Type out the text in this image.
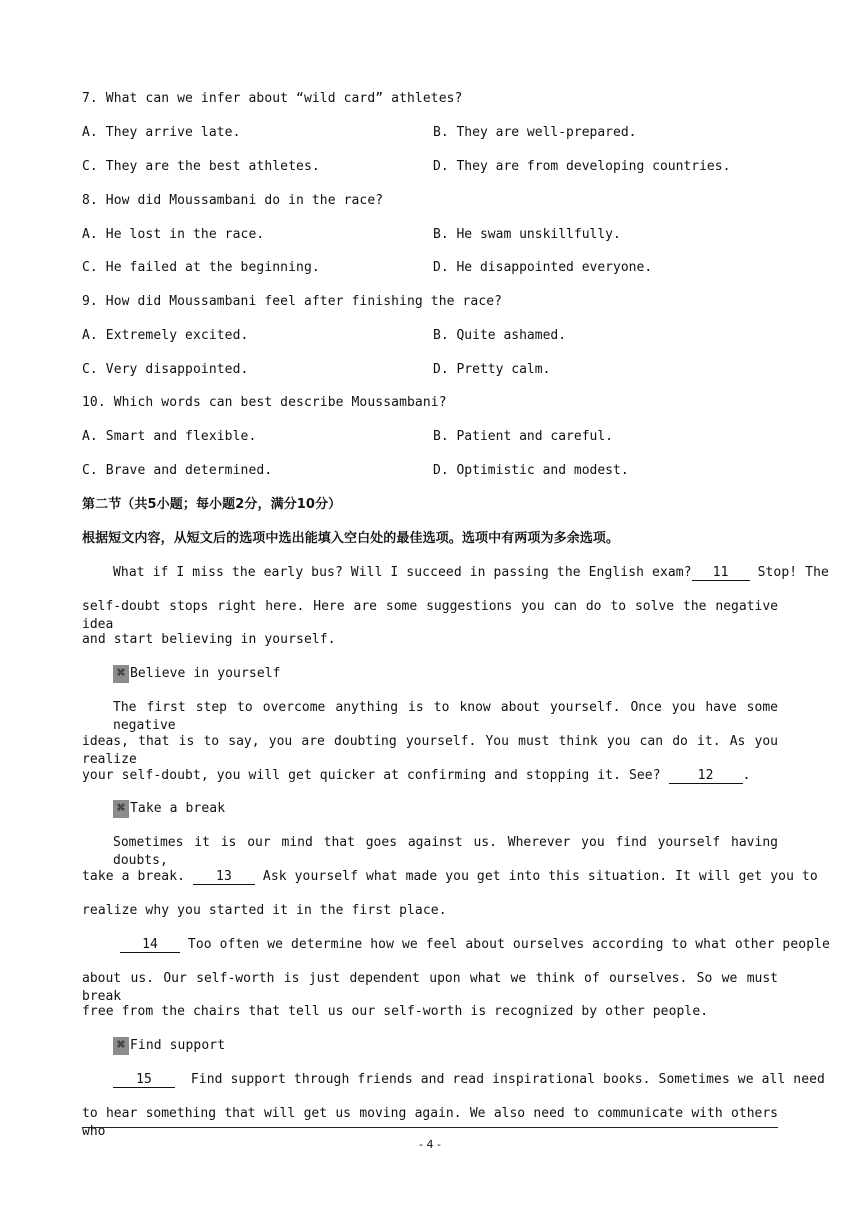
7. What can we infer about “wild card” athletes?
A. They arrive late.	B. They are well-prepared.
C. They are the best athletes.	D. They are from developing countries.
8. How did Moussambani do in the race?
A. He lost in the race.	B. He swam unskillfully.
C. He failed at the beginning.	D. He disappointed everyone.
9. How did Moussambani feel after finishing the race?
A. Extremely excited.	B. Quite ashamed.
C. Very disappointed.	D. Pretty calm.
10. Which words can best describe Moussambani?
A. Smart and flexible.	B. Patient and careful.
C. Brave and determined.	D. Optimistic and modest.
第二节（共5小题；每小题2分，满分10分）
根据短文内容，从短文后的选项中选出能填入空白处的最佳选项。选项中有两项为多余选项。
What if I miss the early bus? Will I succeed in passing the English exam? 11 Stop! The
self-doubt stops right here. Here are some suggestions you can do to solve the negative idea
and start believing in yourself.
⌘ Believe in yourself
The first step to overcome anything is to know about yourself. Once you have some negative
ideas, that is to say, you are doubting yourself. You must think you can do it. As you realize
your self-doubt, you will get quicker at confirming and stopping it. See? 12 .
⌘ Take a break
Sometimes it is our mind that goes against us. Wherever you find yourself having doubts,
take a break. 13 Ask yourself what made you get into this situation. It will get you to
realize why you started it in the first place.
14 Too often we determine how we feel about ourselves according to what other people
about us. Our self-worth is just dependent upon what we think of ourselves. So we must break
free from the chairs that tell us our self-worth is recognized by other people.
⌘ Find support
15  Find support through friends and read inspirational books. Sometimes we all need
to hear something that will get us moving again. We also need to communicate with others who
- 4 -
